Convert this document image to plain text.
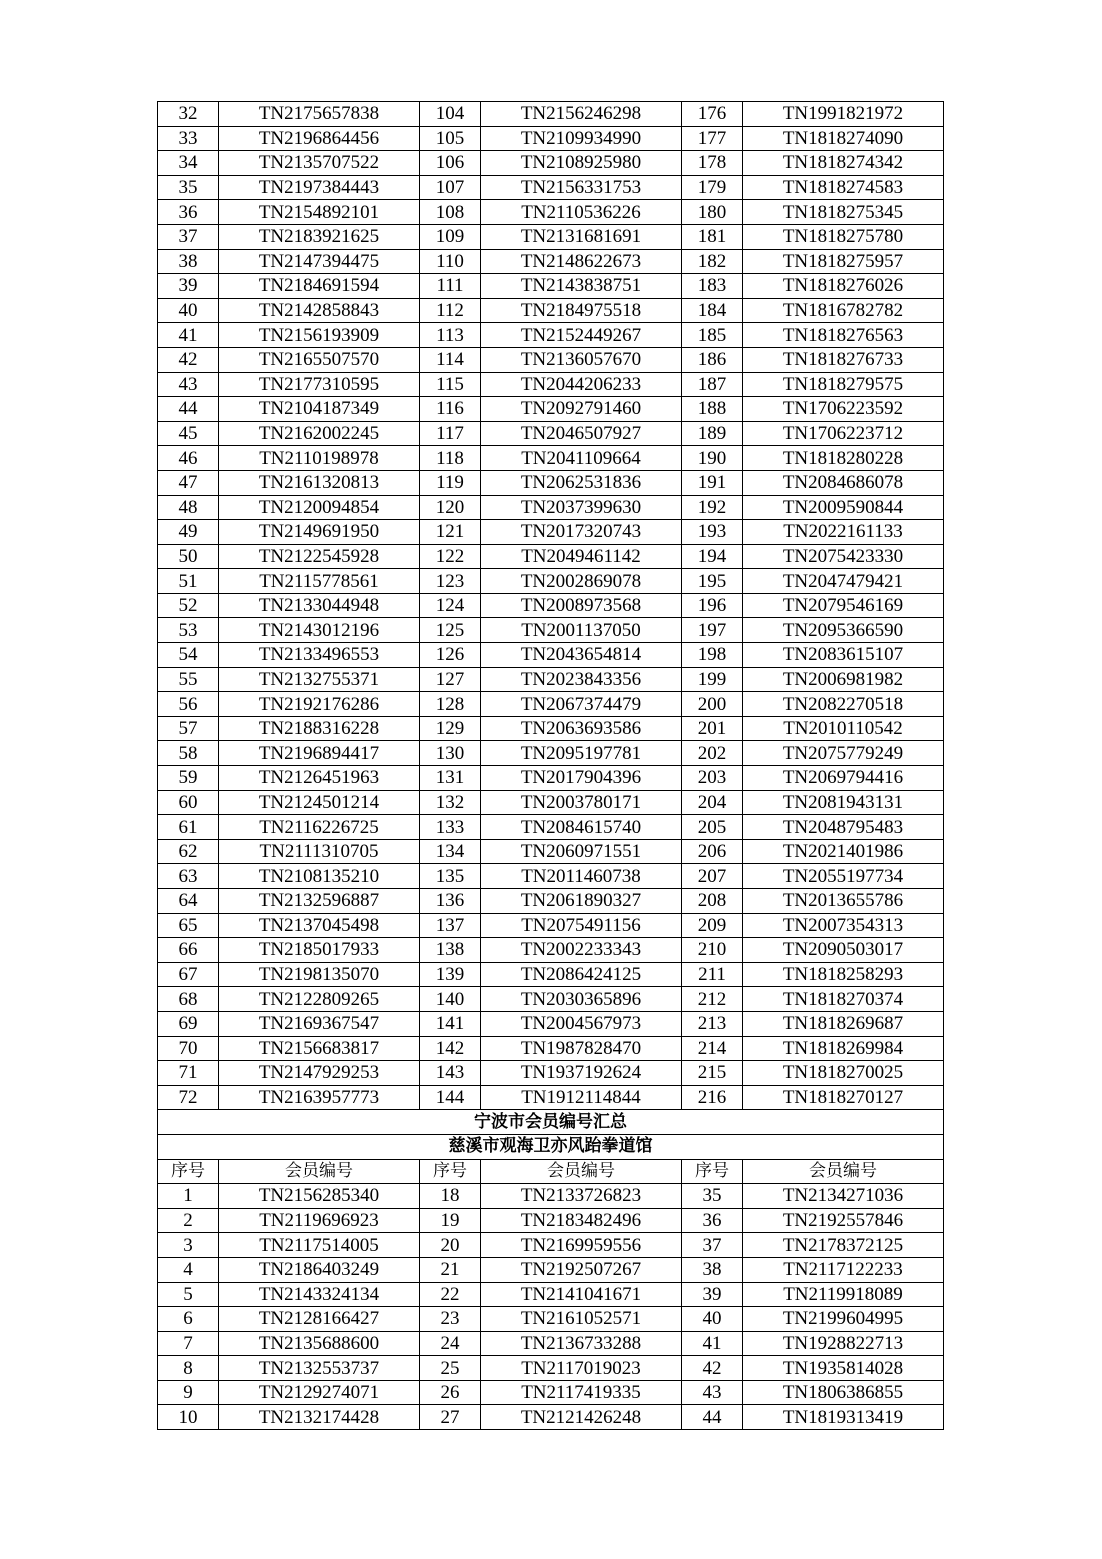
32	TN2175657838	104	TN2156246298	176	TN1991821972
33	TN2196864456	105	TN2109934990	177	TN1818274090
34	TN2135707522	106	TN2108925980	178	TN1818274342
35	TN2197384443	107	TN2156331753	179	TN1818274583
36	TN2154892101	108	TN2110536226	180	TN1818275345
37	TN2183921625	109	TN2131681691	181	TN1818275780
38	TN2147394475	110	TN2148622673	182	TN1818275957
39	TN2184691594	111	TN2143838751	183	TN1818276026
40	TN2142858843	112	TN2184975518	184	TN1816782782
41	TN2156193909	113	TN2152449267	185	TN1818276563
42	TN2165507570	114	TN2136057670	186	TN1818276733
43	TN2177310595	115	TN2044206233	187	TN1818279575
44	TN2104187349	116	TN2092791460	188	TN1706223592
45	TN2162002245	117	TN2046507927	189	TN1706223712
46	TN2110198978	118	TN2041109664	190	TN1818280228
47	TN2161320813	119	TN2062531836	191	TN2084686078
48	TN2120094854	120	TN2037399630	192	TN2009590844
49	TN2149691950	121	TN2017320743	193	TN2022161133
50	TN2122545928	122	TN2049461142	194	TN2075423330
51	TN2115778561	123	TN2002869078	195	TN2047479421
52	TN2133044948	124	TN2008973568	196	TN2079546169
53	TN2143012196	125	TN2001137050	197	TN2095366590
54	TN2133496553	126	TN2043654814	198	TN2083615107
55	TN2132755371	127	TN2023843356	199	TN2006981982
56	TN2192176286	128	TN2067374479	200	TN2082270518
57	TN2188316228	129	TN2063693586	201	TN2010110542
58	TN2196894417	130	TN2095197781	202	TN2075779249
59	TN2126451963	131	TN2017904396	203	TN2069794416
60	TN2124501214	132	TN2003780171	204	TN2081943131
61	TN2116226725	133	TN2084615740	205	TN2048795483
62	TN2111310705	134	TN2060971551	206	TN2021401986
63	TN2108135210	135	TN2011460738	207	TN2055197734
64	TN2132596887	136	TN2061890327	208	TN2013655786
65	TN2137045498	137	TN2075491156	209	TN2007354313
66	TN2185017933	138	TN2002233343	210	TN2090503017
67	TN2198135070	139	TN2086424125	211	TN1818258293
68	TN2122809265	140	TN2030365896	212	TN1818270374
69	TN2169367547	141	TN2004567973	213	TN1818269687
70	TN2156683817	142	TN1987828470	214	TN1818269984
71	TN2147929253	143	TN1937192624	215	TN1818270025
72	TN2163957773	144	TN1912114844	216	TN1818270127
宁波市会员编号汇总					
慈溪市观海卫亦风跆拳道馆					
序号	会员编号	序号	会员编号	序号	会员编号
1	TN2156285340	18	TN2133726823	35	TN2134271036
2	TN2119696923	19	TN2183482496	36	TN2192557846
3	TN2117514005	20	TN2169959556	37	TN2178372125
4	TN2186403249	21	TN2192507267	38	TN2117122233
5	TN2143324134	22	TN2141041671	39	TN2119918089
6	TN2128166427	23	TN2161052571	40	TN2199604995
7	TN2135688600	24	TN2136733288	41	TN1928822713
8	TN2132553737	25	TN2117019023	42	TN1935814028
9	TN2129274071	26	TN2117419335	43	TN1806386855
10	TN2132174428	27	TN2121426248	44	TN1819313419
